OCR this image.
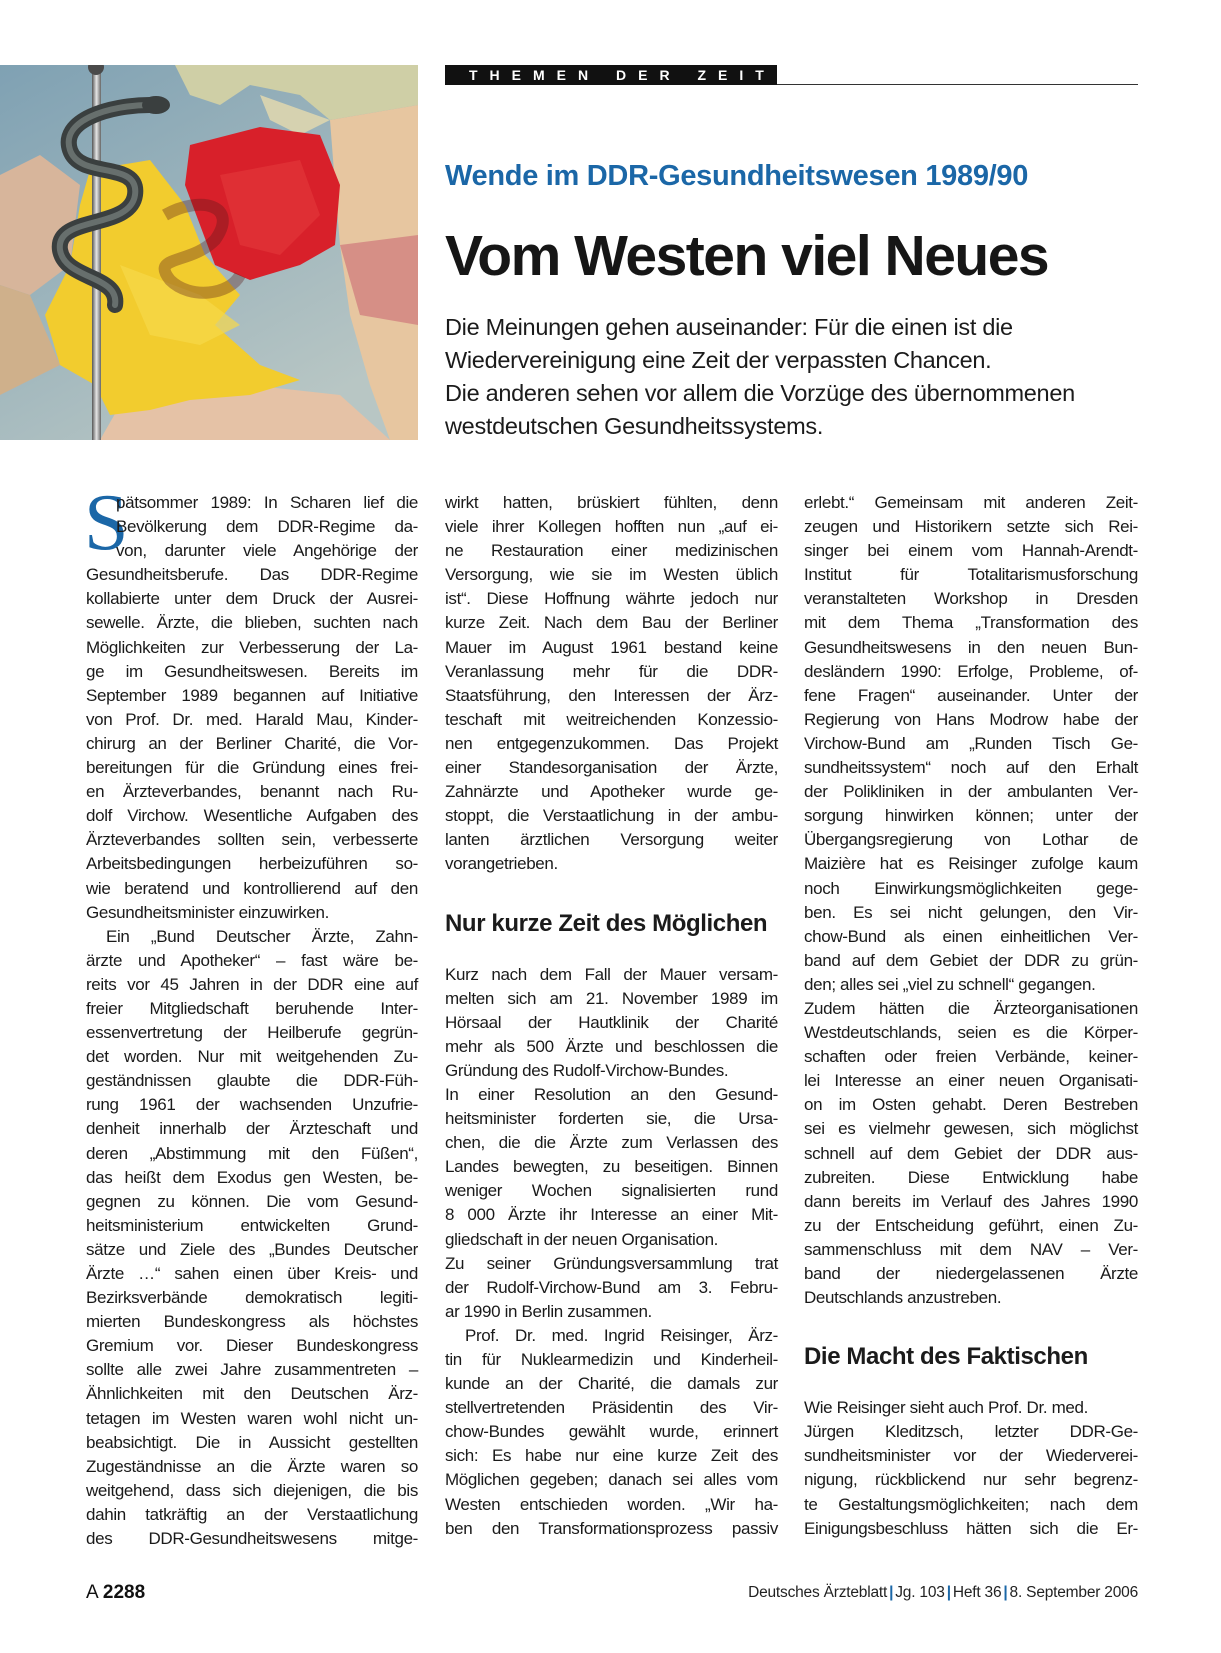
THEMEN DER ZEIT
Wende im DDR-Gesundheitswesen 1989/90
Vom Westen viel Neues
Die Meinungen gehen auseinander: Für die einen ist die
Wiedervereinigung eine Zeit der verpassten Chancen.
Die anderen sehen vor allem die Vorzüge des übernommenen
westdeutschen Gesundheitssystems.
S
pätsommer 1989: In Scharen lief die
Bevölkerung dem DDR-Regime da-
von, darunter viele Angehörige der
Gesundheitsberufe. Das DDR-Regime
kollabierte unter dem Druck der Ausrei-
sewelle. Ärzte, die blieben, suchten nach
Möglichkeiten zur Verbesserung der La-
ge im Gesundheitswesen. Bereits im
September 1989 begannen auf Initiative
von Prof. Dr. med. Harald Mau, Kinder-
chirurg an der Berliner Charité, die Vor-
bereitungen für die Gründung eines frei-
en Ärzteverbandes, benannt nach Ru-
dolf Virchow. Wesentliche Aufgaben des
Ärzteverbandes sollten sein, verbesserte
Arbeitsbedingungen herbeizuführen so-
wie beratend und kontrollierend auf den
Gesundheitsminister einzuwirken.
Ein „Bund Deutscher Ärzte, Zahn-
ärzte und Apotheker“ – fast wäre be-
reits vor 45 Jahren in der DDR eine auf
freier Mitgliedschaft beruhende Inter-
essenvertretung der Heilberufe gegrün-
det worden. Nur mit weitgehenden Zu-
geständnissen glaubte die DDR-Füh-
rung 1961 der wachsenden Unzufrie-
denheit innerhalb der Ärzteschaft und
deren „Abstimmung mit den Füßen“,
das heißt dem Exodus gen Westen, be-
gegnen zu können. Die vom Gesund-
heitsministerium entwickelten Grund-
sätze und Ziele des „Bundes Deutscher
Ärzte …“ sahen einen über Kreis- und
Bezirksverbände demokratisch legiti-
mierten Bundeskongress als höchstes
Gremium vor. Dieser Bundeskongress
sollte alle zwei Jahre zusammentreten –
Ähnlichkeiten mit den Deutschen Ärz-
tetagen im Westen waren wohl nicht un-
beabsichtigt. Die in Aussicht gestellten
Zugeständnisse an die Ärzte waren so
weitgehend, dass sich diejenigen, die bis
dahin tatkräftig an der Verstaatlichung
des DDR-Gesundheitswesens mitge-
wirkt hatten, brüskiert fühlten, denn
viele ihrer Kollegen hofften nun „auf ei-
ne Restauration einer medizinischen
Versorgung, wie sie im Westen üblich
ist“. Diese Hoffnung währte jedoch nur
kurze Zeit. Nach dem Bau der Berliner
Mauer im August 1961 bestand keine
Veranlassung mehr für die DDR-
Staatsführung, den Interessen der Ärz-
teschaft mit weitreichenden Konzessio-
nen entgegenzukommen. Das Projekt
einer Standesorganisation der Ärzte,
Zahnärzte und Apotheker wurde ge-
stoppt, die Verstaatlichung in der ambu-
lanten ärztlichen Versorgung weiter
vorangetrieben.
Nur kurze Zeit des Möglichen
Kurz nach dem Fall der Mauer versam-
melten sich am 21. November 1989 im
Hörsaal der Hautklinik der Charité
mehr als 500 Ärzte und beschlossen die
Gründung des Rudolf-Virchow-Bundes.
In einer Resolution an den Gesund-
heitsminister forderten sie, die Ursa-
chen, die die Ärzte zum Verlassen des
Landes bewegten, zu beseitigen. Binnen
weniger Wochen signalisierten rund
8 000 Ärzte ihr Interesse an einer Mit-
gliedschaft in der neuen Organisation.
Zu seiner Gründungsversammlung trat
der Rudolf-Virchow-Bund am 3. Febru-
ar 1990 in Berlin zusammen.
Prof. Dr. med. Ingrid Reisinger, Ärz-
tin für Nuklearmedizin und Kinderheil-
kunde an der Charité, die damals zur
stellvertretenden Präsidentin des Vir-
chow-Bundes gewählt wurde, erinnert
sich: Es habe nur eine kurze Zeit des
Möglichen gegeben; danach sei alles vom
Westen entschieden worden. „Wir ha-
ben den Transformationsprozess passiv
erlebt.“ Gemeinsam mit anderen Zeit-
zeugen und Historikern setzte sich Rei-
singer bei einem vom Hannah-Arendt-
Institut für Totalitarismusforschung
veranstalteten Workshop in Dresden
mit dem Thema „Transformation des
Gesundheitswesens in den neuen Bun-
desländern 1990: Erfolge, Probleme, of-
fene Fragen“ auseinander. Unter der
Regierung von Hans Modrow habe der
Virchow-Bund am „Runden Tisch Ge-
sundheitssystem“ noch auf den Erhalt
der Polikliniken in der ambulanten Ver-
sorgung hinwirken können; unter der
Übergangsregierung von Lothar de
Maizière hat es Reisinger zufolge kaum
noch Einwirkungsmöglichkeiten gege-
ben. Es sei nicht gelungen, den Vir-
chow-Bund als einen einheitlichen Ver-
band auf dem Gebiet der DDR zu grün-
den; alles sei „viel zu schnell“ gegangen.
Zudem hätten die Ärzteorganisationen
Westdeutschlands, seien es die Körper-
schaften oder freien Verbände, keiner-
lei Interesse an einer neuen Organisati-
on im Osten gehabt. Deren Bestreben
sei es vielmehr gewesen, sich möglichst
schnell auf dem Gebiet der DDR aus-
zubreiten. Diese Entwicklung habe
dann bereits im Verlauf des Jahres 1990
zu der Entscheidung geführt, einen Zu-
sammenschluss mit dem NAV – Ver-
band der niedergelassenen Ärzte
Deutschlands anzustreben.
Die Macht des Faktischen
Wie Reisinger sieht auch Prof. Dr. med.
Jürgen Kleditzsch, letzter DDR-Ge-
sundheitsminister vor der Wiederverei-
nigung, rückblickend nur sehr begrenz-
te Gestaltungsmöglichkeiten; nach dem
Einigungsbeschluss hätten sich die Er-
A 2288	Deutsches Ärzteblatt | Jg. 103 | Heft 36 | 8. September 2006
